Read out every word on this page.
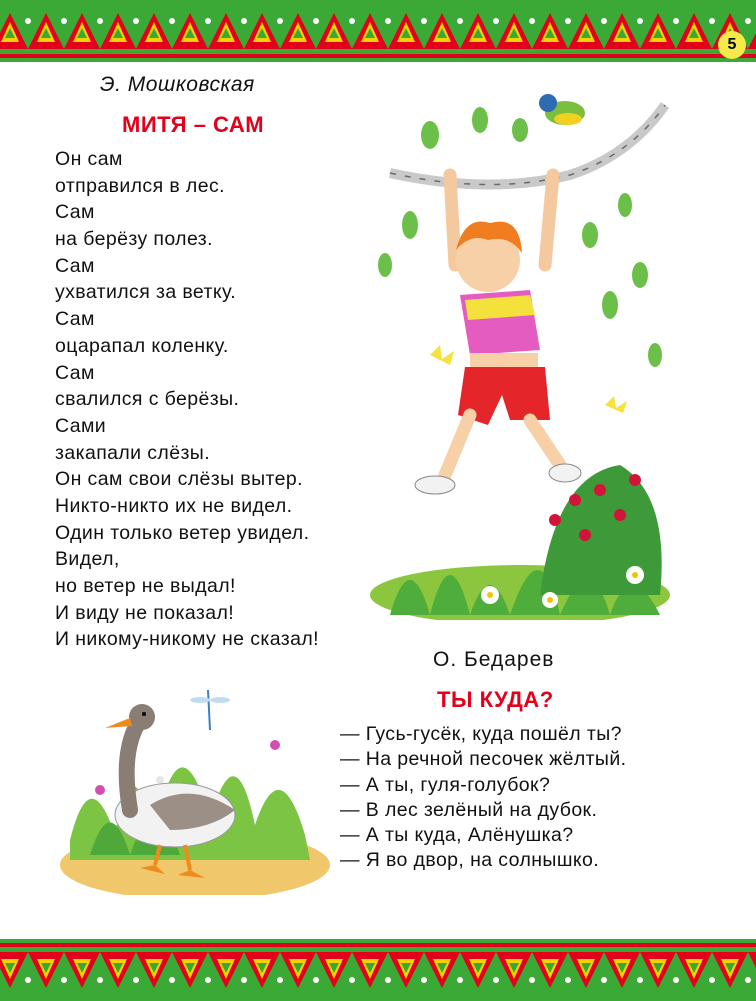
5
Э. Мошковская
МИТЯ – САМ
Он сам
отправился в лес.
Сам
на берёзу полез.
Сам
ухватился за ветку.
Сам
оцарапал коленку.
Сам
свалился с берёзы.
Сами
закапали слёзы.
Он сам свои слёзы вытер.
Никто-никто их не видел.
Один только ветер увидел.
Видел,
но ветер не выдал!
И виду не показал!
И никому-никому не сказал!
О. Бедарев
ТЫ КУДА?
— Гусь-гусёк, куда пошёл ты?
— На речной песочек жёлтый.
— А ты, гуля-голубок?
— В лес зелёный на дубок.
— А ты куда, Алёнушка?
— Я во двор, на солнышко.
